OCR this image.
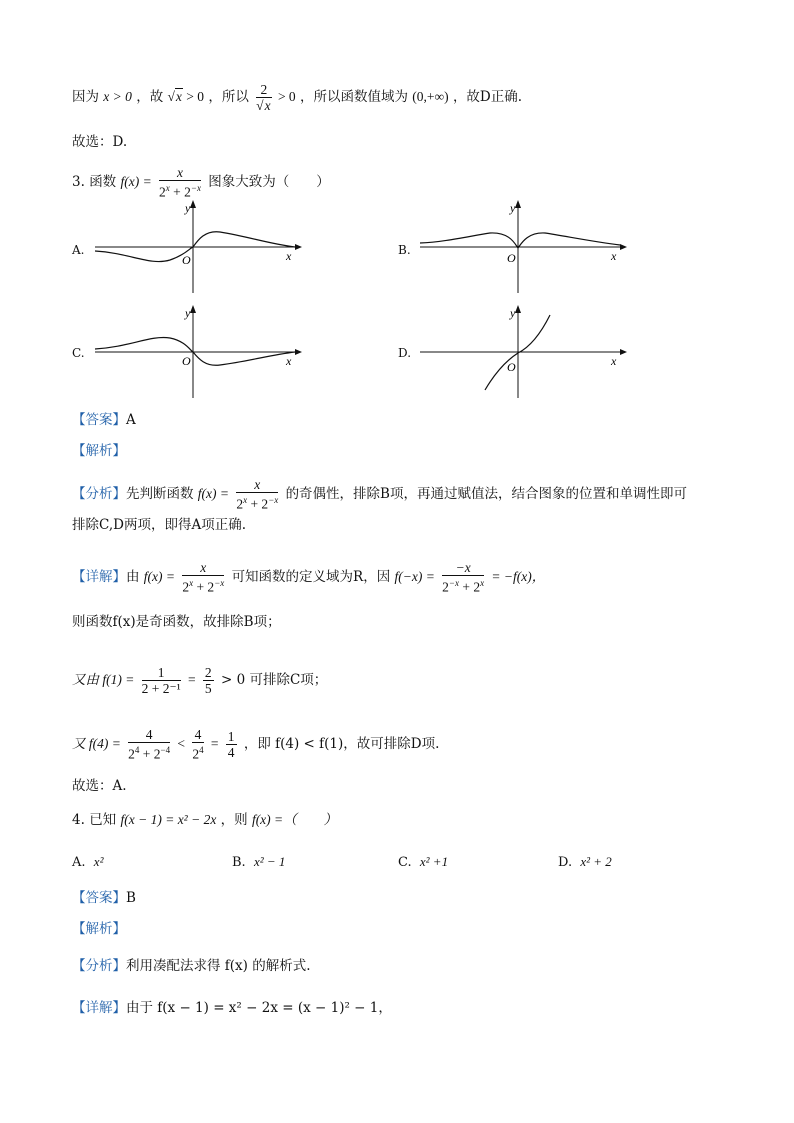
因为 x > 0 ，故 √x > 0 ，所以 $\frac{2}{√x} > 0$ ，所以函数值域为 (0,+∞) ，故D正确.
故选：D.
3. 函数 $f(x) = \frac{x}{2^x + 2^{-x}}$ 图象大致为（　　）
A.
y
x
O
B.
y
x
O
C.
y
x
O
D.
y
x
O
【答案】A
【解析】
【分析】先判断函数 $f(x) = \frac{x}{2^x + 2^{-x}}$ 的奇偶性，排除B项，再通过赋值法，结合图象的位置和单调性即可
排除C,D两项，即得A项正确.
【详解】由 $f(x) = \frac{x}{2^x + 2^{-x}}$ 可知函数的定义域为R，因 $f(-x) = \frac{-x}{2^{-x} + 2^x} = -f(x)$，
则函数f(x)是奇函数，故排除B项；
又由 $f(1) = \frac{1}{\text{2 + 2⁻¹}} = \frac{2}{5} > 0$ 可排除C项；
又 $f(4) = \frac{4}{2^4 + 2^{-4}} < \frac{4}{2^4} = \frac{1}{4}$ ，即 f(4) < f(1)，故可排除D项.
故选：A.
4. 已知 f(x − 1) = x² − 2x ，则 f(x) =（　　）
A. x²	B. x² − 1	C. x² +1	D. x² + 2
【答案】B
【解析】
【分析】利用凑配法求得 f(x) 的解析式.
【详解】由于 f(x − 1) = x² − 2x = (x − 1)² − 1，
